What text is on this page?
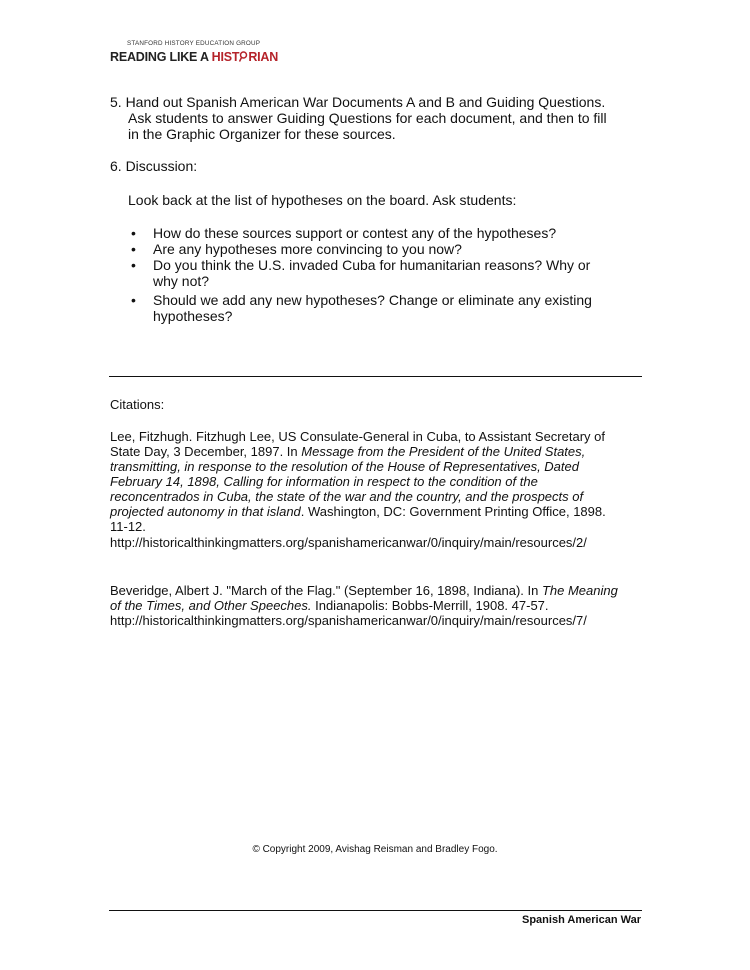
STANFORD HISTORY EDUCATION GROUP
READING LIKE A HIST RIAN
5. Hand out Spanish American War Documents A and B and Guiding Questions.
Ask students to answer Guiding Questions for each document, and then to fill
in the Graphic Organizer for these sources.
6. Discussion:
Look back at the list of hypotheses on the board. Ask students:
• How do these sources support or contest any of the hypotheses?
• Are any hypotheses more convincing to you now?
• Do you think the U.S. invaded Cuba for humanitarian reasons? Why or
why not?
• Should we add any new hypotheses? Change or eliminate any existing
hypotheses?
Citations:
Lee, Fitzhugh. Fitzhugh Lee, US Consulate-General in Cuba, to Assistant Secretary of
State Day, 3 December, 1897. In Message from the President of the United States,
transmitting, in response to the resolution of the House of Representatives, Dated
February 14, 1898, Calling for information in respect to the condition of the
reconcentrados in Cuba, the state of the war and the country, and the prospects of
projected autonomy in that island. Washington, DC: Government Printing Office, 1898.
11-12.
http://historicalthinkingmatters.org/spanishamericanwar/0/inquiry/main/resources/2/
Beveridge, Albert J. "March of the Flag." (September 16, 1898, Indiana). In The Meaning
of the Times, and Other Speeches. Indianapolis: Bobbs-Merrill, 1908. 47-57.
http://historicalthinkingmatters.org/spanishamericanwar/0/inquiry/main/resources/7/
© Copyright 2009, Avishag Reisman and Bradley Fogo.
Spanish American War
